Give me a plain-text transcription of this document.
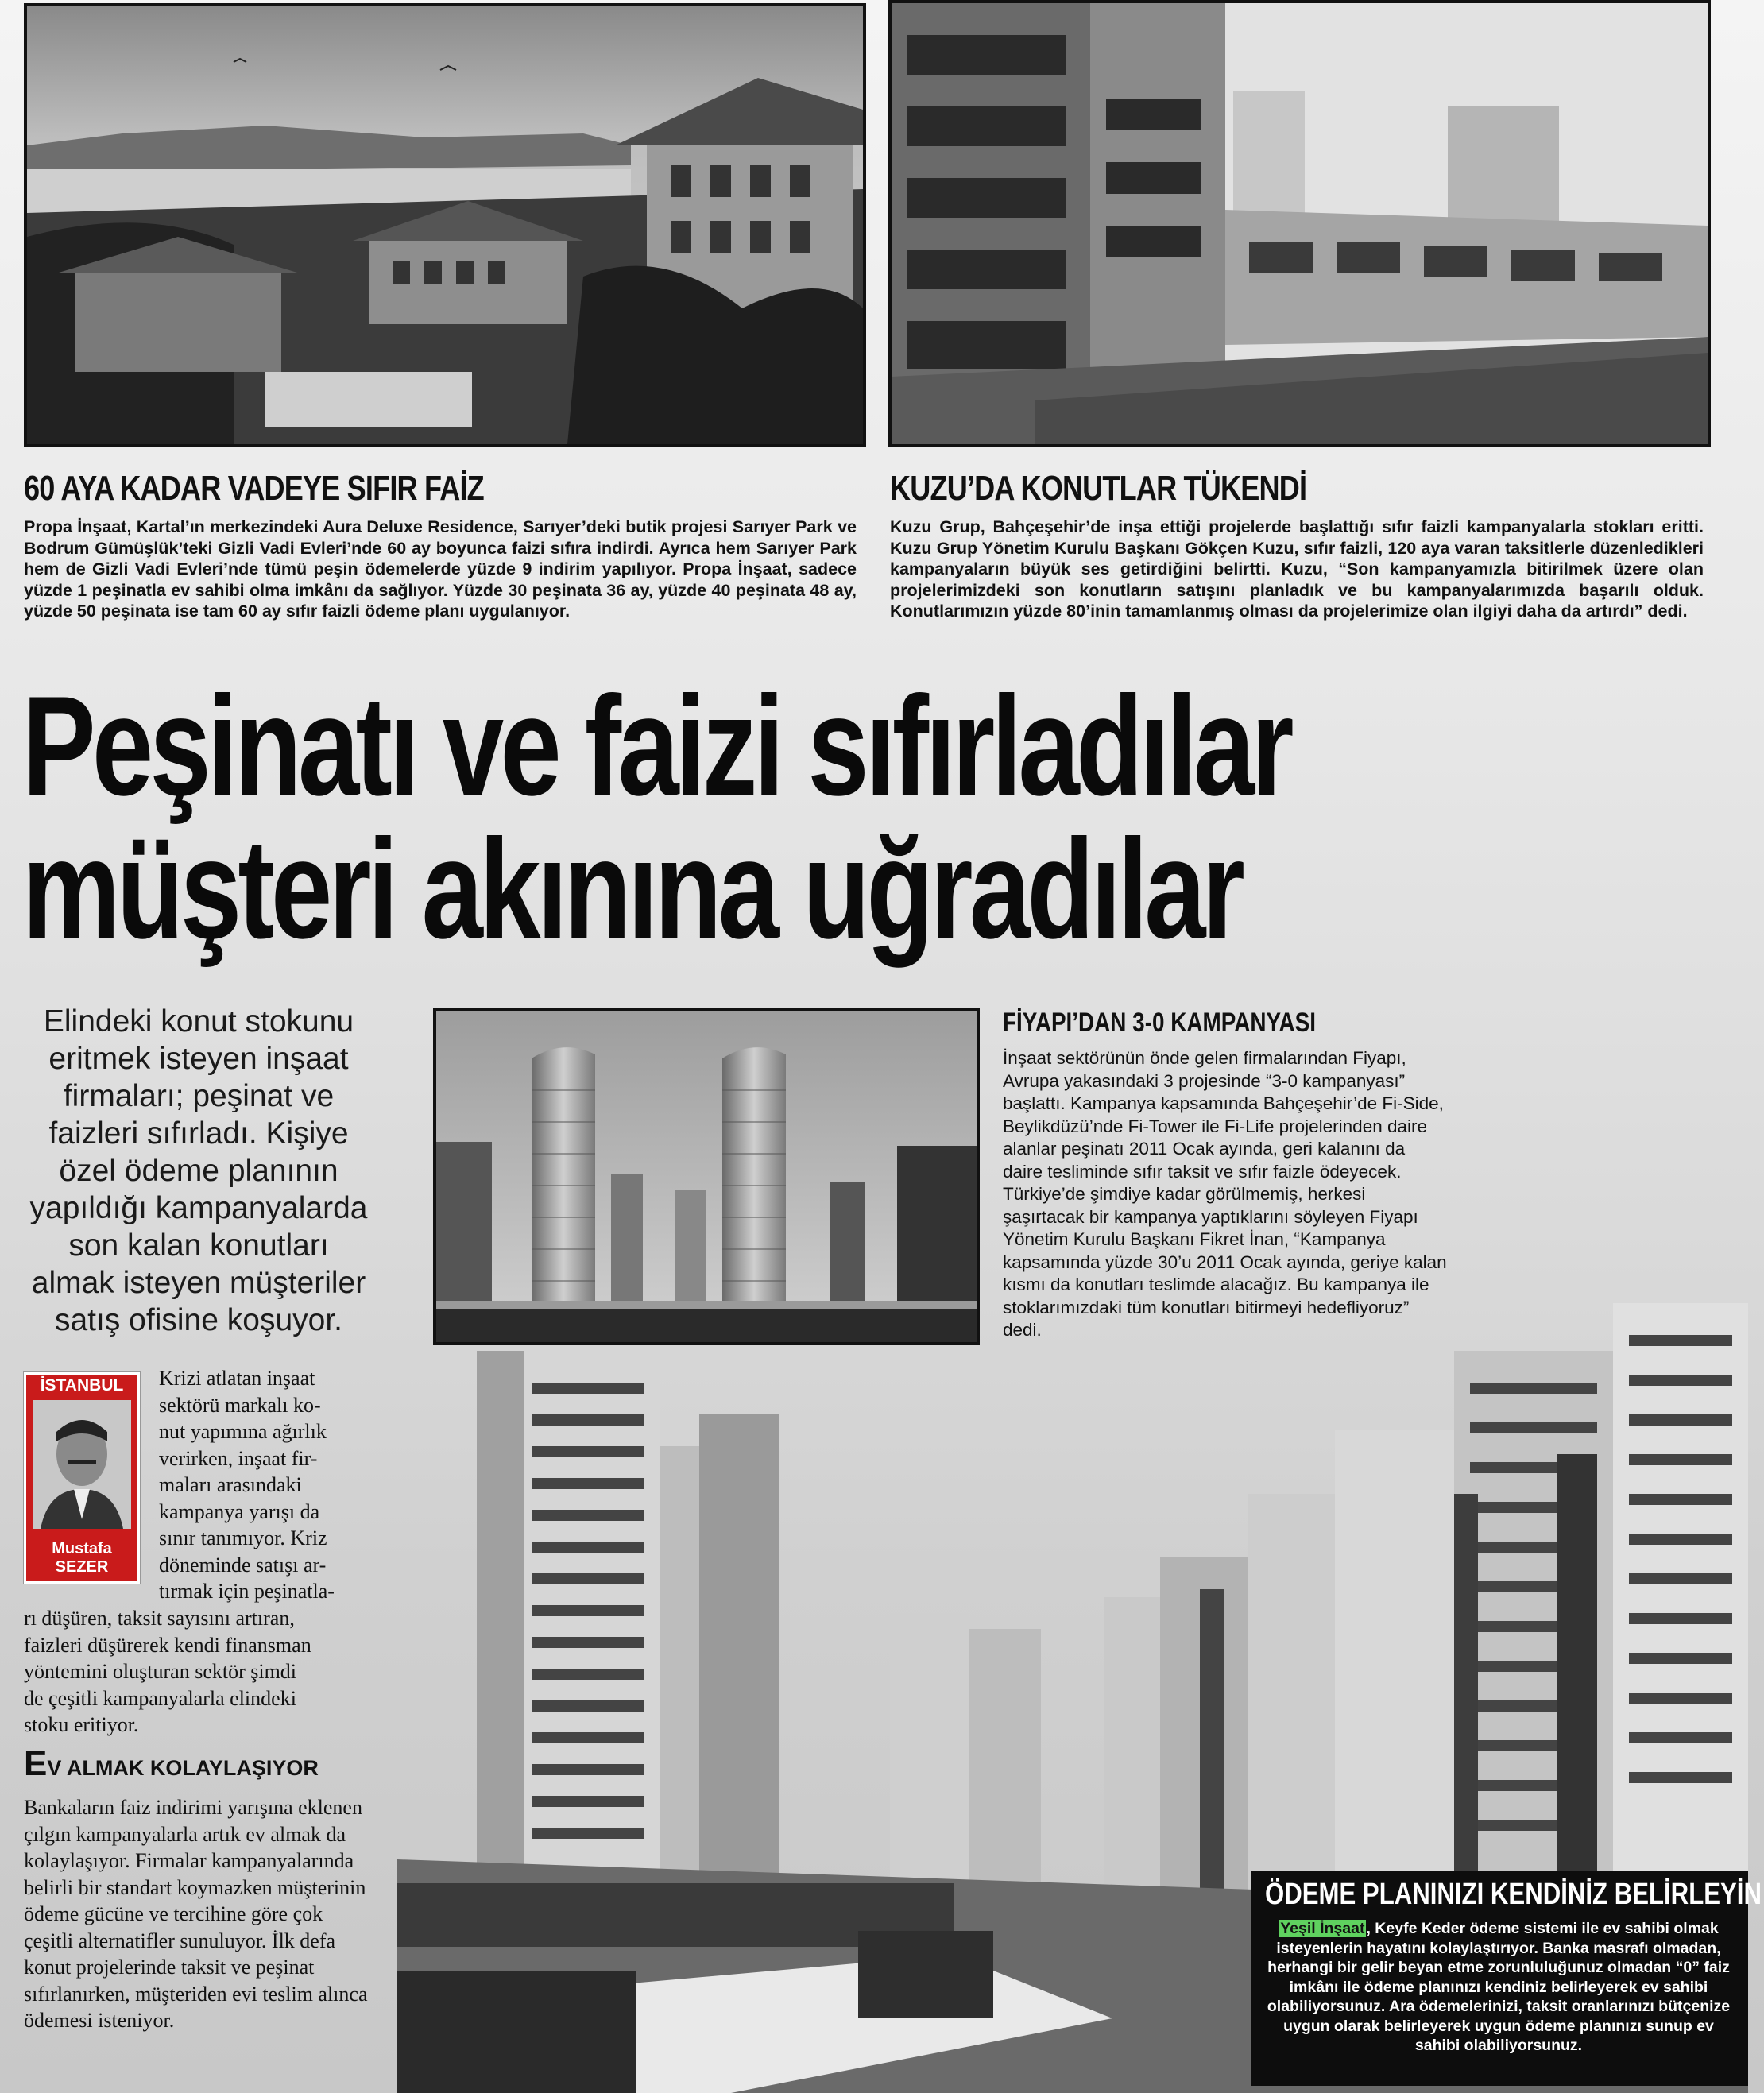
60 AYA KADAR VADEYE SIFIR FAİZ
Propa İnşaat, Kartal’ın merkezindeki Aura Deluxe Residence, Sarıyer’deki butik projesi Sarıyer Park ve Bodrum Gümüşlük’teki Gizli Vadi Evleri’nde 60 ay boyunca faizi sıfıra indirdi. Ayrıca hem Sarıyer Park hem de Gizli Vadi Evleri’nde tümü peşin ödemelerde yüzde 9 indirim yapılıyor. Propa İnşaat, sadece yüzde 1 peşinatla ev sahibi olma imkânı da sağlıyor. Yüzde 30 peşinata 36 ay, yüzde 40 peşinata 48 ay, yüzde 50 peşinata ise tam 60 ay sıfır faizli ödeme planı uygulanıyor.
KUZU’DA KONUTLAR TÜKENDİ
Kuzu Grup, Bahçeşehir’de inşa ettiği projelerde başlattığı sıfır faizli kampanyalarla stokları eritti. Kuzu Grup Yönetim Kurulu Başkanı Gökçen Kuzu, sıfır faizli, 120 aya varan taksitlerle düzenledikleri kampanyaların büyük ses getirdiğini belirtti. Kuzu, “Son kampanyamızla bitirilmek üzere olan projelerimizdeki son konutların satışını planladık ve bu kampanyalarımızda başarılı olduk. Konutlarımızın yüzde 80’inin tamamlanmış olması da projelerimize olan ilgiyi daha da artırdı” dedi.
Peşinatı ve faizi sıfırladılar
müşteri akınına uğradılar
Elindeki konut stokunu eritmek isteyen inşaat firmaları; peşinat ve faizleri sıfırladı. Kişiye özel ödeme planının yapıldığı kampanyalarda son kalan konutları almak isteyen müşteriler satış ofisine koşuyor.
FİYAPI’DAN 3-0 KAMPANYASI
İnşaat sektörünün önde gelen firmalarından Fiyapı, Avrupa yakasındaki 3 projesinde “3-0 kampanyası” başlattı. Kampanya kapsamında Bahçeşehir’de Fi-Side, Beylikdüzü’nde Fi-Tower ile Fi-Life projelerinden daire alanlar peşinatı 2011 Ocak ayında, geri kalanını da daire tesliminde sıfır taksit ve sıfır faizle ödeyecek. Türkiye’de şimdiye kadar görülmemiş, herkesi şaşırtacak bir kampanya yaptıklarını söyleyen Fiyapı Yönetim Kurulu Başkanı Fikret İnan, “Kampanya kapsamında yüzde 30’u 2011 Ocak ayında, geriye kalan kısmı da konutları teslimde alacağız. Bu kampanya ile stoklarımızdaki tüm konutları bitirmeyi hedefliyoruz” dedi.
İSTANBUL
Mustafa
SEZER
Krizi atlatan inşaat
sektörü markalı ko-
nut yapımına ağırlık
verirken, inşaat fir-
maları arasındaki
kampanya yarışı da
sınır tanımıyor. Kriz
döneminde satışı ar-
tırmak için peşinatla-
rı düşüren, taksit sayısını artıran,
faizleri düşürerek kendi finansman
yöntemini oluşturan sektör şimdi
de çeşitli kampanyalarla elindeki
stoku eritiyor.
EV ALMAK KOLAYLAŞIYOR
Bankaların faiz indirimi yarışına eklenen çılgın kampanyalarla artık ev almak da kolaylaşıyor. Firmalar kampanyalarında belirli bir standart koymazken müşterinin ödeme gücüne ve tercihine göre çok çeşitli alternatifler sunuluyor. İlk defa konut projelerinde taksit ve peşinat sıfırlanırken, müşteriden evi teslim alınca ödemesi isteniyor.
ÖDEME PLANINIZI KENDİNİZ BELİRLEYİN
Yeşil İnşaat , Keyfe Keder ödeme sistemi ile ev sahibi olmak isteyenlerin hayatını kolaylaştırıyor. Banka masrafı olmadan, herhangi bir gelir beyan etme zorunluluğunuz olmadan “0” faiz imkânı ile ödeme planınızı kendiniz belirleyerek ev sahibi olabiliyorsunuz. Ara ödemelerinizi, taksit oranlarınızı bütçenize uygun olarak belirleyerek uygun ödeme planınızı sunup ev sahibi olabiliyorsunuz.
